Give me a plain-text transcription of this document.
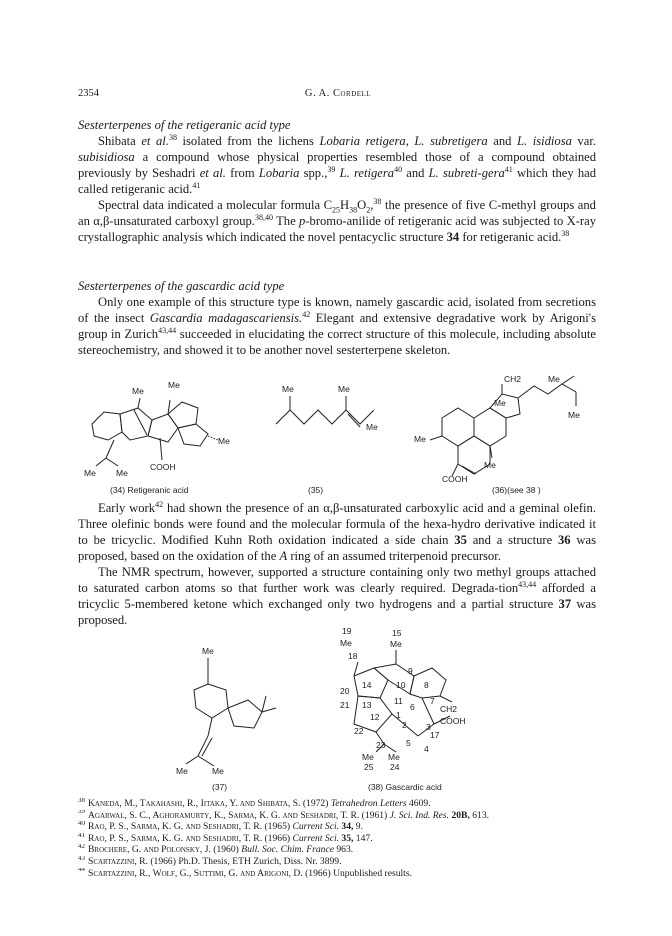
2354	G. A. Cordell
Sesterterpenes of the retigeranic acid type

Shibata et al.$^{38}$ isolated from the lichens Lobaria retigera, L. subretigera and L. isidiosa var. subisidiosa a compound whose physical properties resembled those of a compound obtained previously by Seshadri et al. from Lobaria spp.,$^{39}$ L. retigera$^{40}$ and L. subreti-gera$^{41}$ which they had called retigeranic acid.$^{41}$

Spectral data indicated a molecular formula $C_{25}H_{38}O_2,^{38}$ the presence of five C-methyl groups and an α,β-unsaturated carboxyl group.$^{38,40}$ The p-bromo-anilide of retigeranic acid was subjected to X-ray crystallographic analysis which indicated the novel pentacyclic structure 34 for retigeranic acid.$^{38}$

Sesterterpenes of the gascardic acid type

Only one example of this structure type is known, namely gascardic acid, isolated from secretions of the insect Gascardia madagascariensis.$^{42}$ Elegant and extensive degradative work by Arigoni's group in Zurich$^{43,44}$ succeeded in elucidating the correct structure of this molecule, including absolute stereochemistry, and showed it to be another novel sesterterpene skeleton.

Me
Me
Me
Me Me
COOH
Me	Me
Me
CH2	Me
Me
Me
Me
Me
COOH
(34) Retigeranic acid	(35)	(36)(see 38 )

Early work$^{42}$ had shown the presence of an α,β-unsaturated carboxylic acid and a geminal olefin. Three olefinic bonds were found and the molecular formula of the hexa-hydro derivative indicated it to be tricyclic. Modified Kuhn Roth oxidation indicated a side chain 35 and a structure 36 was proposed, based on the oxidation of the A ring of an assumed triterpenoid precursor.

The NMR spectrum, however, supported a structure containing only two methyl groups attached to saturated carbon atoms so that further work was clearly required. Degrada-tion$^{43,44}$ afforded a tricyclic 5-membered ketone which exchanged only two hydrogens and a partial structure 37 was proposed.

Me
Me	Me
19
Me
15
Me
18
20
21
14
13
12
10
9
8
11
6
7
1
2 3
22
CH2
COOH
17
5
4
23
Me Me
25 24
(37)	(38) Gascardic acid
$^{38}$ Kaneda, M., Takahashi, R., Iitaka, Y. and Shibata, S. (1972) Tetrahedron Letters 4609.
$^{39}$ Agarwal, S. C., Aghoramurty, K., Sarma, K. G. and Seshadri, T. R. (1961) J. Sci. Ind. Res. 20B, 613.
$^{40}$ Rao, P. S., Sarma, K. G. and Seshadri, T. R. (1965) Current Sci. 34, 9.
$^{41}$ Rao, P. S., Sarma, K. G. and Seshadri, T. R. (1966) Current Sci. 35, 147.
$^{42}$ Brochere, G. and Polonsky, J. (1960) Bull. Soc. Chim. France 963.
$^{43}$ Scartazzini, R. (1966) Ph.D. Thesis, ETH Zurich, Diss. Nr. 3899.
$^{44}$ Scartazzini, R., Wolf, G., Suttimi, G. and Arigoni, D. (1966) Unpublished results.
